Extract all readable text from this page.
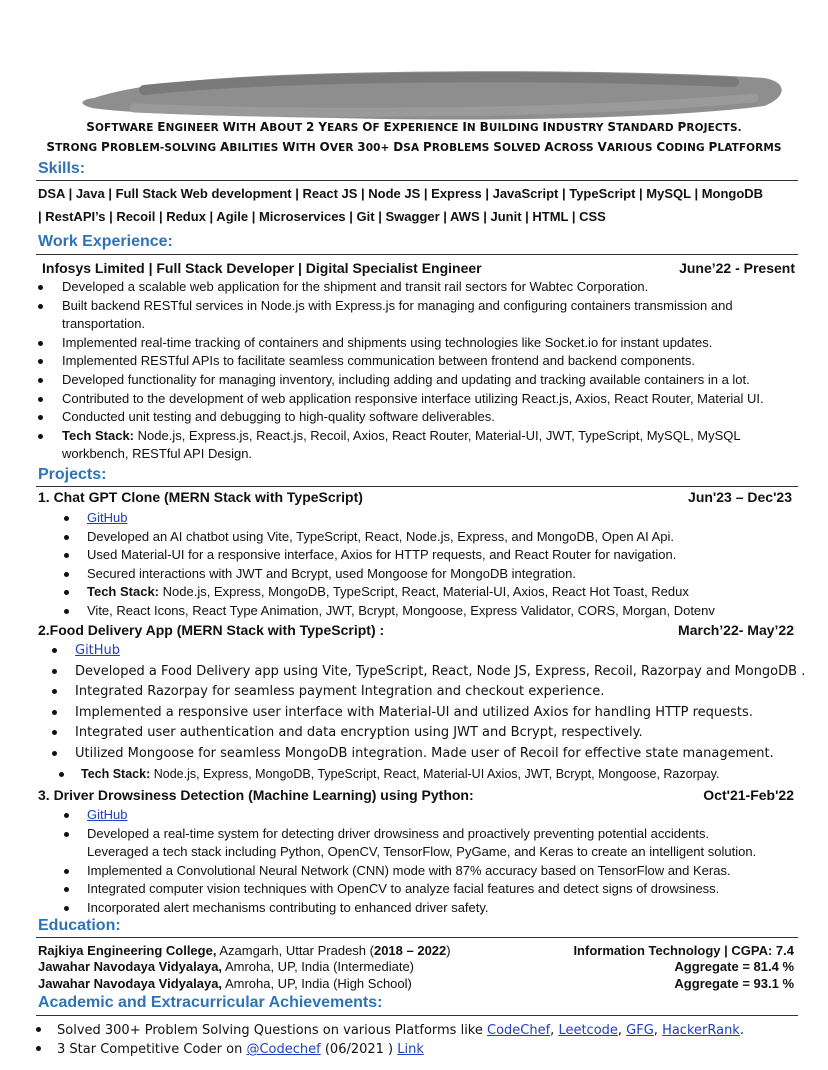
SOFTWARE ENGINEER WITH ABOUT 2 YEARS OF EXPERIENCE IN BUILDING INDUSTRY STANDARD PROJECTS.
STRONG PROBLEM-SOLVING ABILITIES WITH OVER 300+ DSA PROBLEMS SOLVED ACROSS VARIOUS CODING PLATFORMS
Skills:
DSA | Java | Full Stack Web development | React JS | Node JS | Express | JavaScript | TypeScript | MySQL | MongoDB
| RestAPI’s | Recoil | Redux | Agile | Microservices | Git | Swagger | AWS | Junit | HTML | CSS
Work Experience:
Infosys Limited | Full Stack Developer | Digital Specialist Engineer	June’22 - Present
Developed a scalable web application for the shipment and transit rail sectors for Wabtec Corporation.
Built backend RESTful services in Node.js with Express.js for managing and configuring containers transmission and
transportation.
Implemented real-time tracking of containers and shipments using technologies like Socket.io for instant updates.
Implemented RESTful APIs to facilitate seamless communication between frontend and backend components.
Developed functionality for managing inventory, including adding and updating and tracking available containers in a lot.
Contributed to the development of web application responsive interface utilizing React.js, Axios, React Router, Material UI.
Conducted unit testing and debugging to high-quality software deliverables.
Tech Stack: Node.js, Express.js, React.js, Recoil, Axios, React Router, Material-UI, JWT, TypeScript, MySQL, MySQL
workbench, RESTful API Design.
Projects:
1. Chat GPT Clone (MERN Stack with TypeScript)	Jun'23 – Dec'23
GitHub
Developed an AI chatbot using Vite, TypeScript, React, Node.js, Express, and MongoDB, Open AI Api.
Used Material-UI for a responsive interface, Axios for HTTP requests, and React Router for navigation.
Secured interactions with JWT and Bcrypt, used Mongoose for MongoDB integration.
Tech Stack: Node.js, Express, MongoDB, TypeScript, React, Material-UI, Axios, React Hot Toast, Redux
Vite, React Icons, React Type Animation, JWT, Bcrypt, Mongoose, Express Validator, CORS, Morgan, Dotenv
2.Food Delivery App (MERN Stack with TypeScript) :	March’22- May’22
GitHub
Developed a Food Delivery app using Vite, TypeScript, React, Node JS, Express, Recoil, Razorpay and MongoDB .
Integrated Razorpay for seamless payment Integration and checkout experience.
Implemented a responsive user interface with Material-UI and utilized Axios for handling HTTP requests.
Integrated user authentication and data encryption using JWT and Bcrypt, respectively.
Utilized Mongoose for seamless MongoDB integration. Made user of Recoil for effective state management.
Tech Stack: Node.js, Express, MongoDB, TypeScript, React, Material-UI Axios, JWT, Bcrypt, Mongoose, Razorpay.
3. Driver Drowsiness Detection (Machine Learning) using Python:	Oct'21-Feb'22
GitHub
Developed a real-time system for detecting driver drowsiness and proactively preventing potential accidents.
Leveraged a tech stack including Python, OpenCV, TensorFlow, PyGame, and Keras to create an intelligent solution.
Implemented a Convolutional Neural Network (CNN) mode with 87% accuracy based on TensorFlow and Keras.
Integrated computer vision techniques with OpenCV to analyze facial features and detect signs of drowsiness.
Incorporated alert mechanisms contributing to enhanced driver safety.
Education:
Rajkiya Engineering College, Azamgarh, Uttar Pradesh (2018 – 2022)	Information Technology | CGPA: 7.4
Jawahar Navodaya Vidyalaya, Amroha, UP, India (Intermediate)	Aggregate = 81.4 %
Jawahar Navodaya Vidyalaya, Amroha, UP, India (High School)	Aggregate = 93.1 %
Academic and Extracurricular Achievements:
Solved 300+ Problem Solving Questions on various Platforms like CodeChef, Leetcode, GFG, HackerRank.
3 Star Competitive Coder on @Codechef (06/2021 ) Link
